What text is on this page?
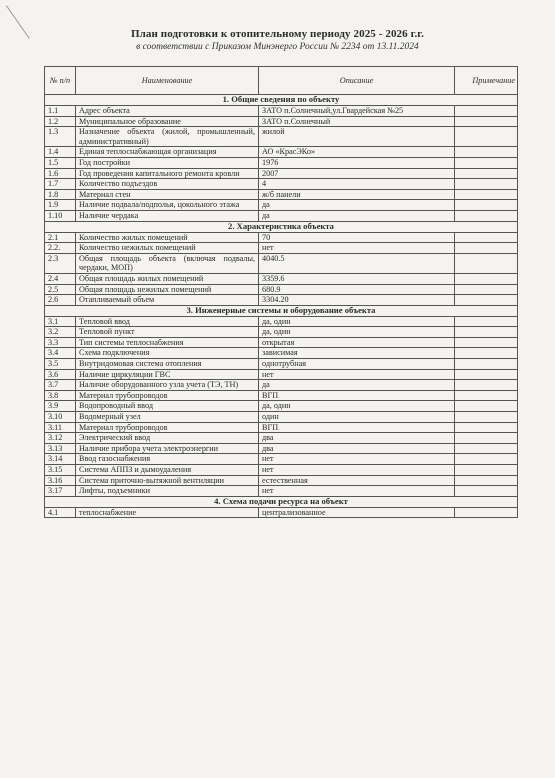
План подготовки к отопительному периоду 2025 - 2026 г.г.
в соответствии с Приказом Минэнерго России № 2234 от 13.11.2024
№ п/п	Наименование	Описание	Примечание
1. Общие сведения по объекту			
1.1	Адрес объекта	ЗАТО п.Солнечный,ул.Гвардейская №25	
1.2	Муниципальное образование	ЗАТО п.Солнечный	
1.3	Назначение объекта (жилой, промышленный, административный)	жилой	
1.4	Единая теплоснабжающая организация	АО «КрасЭКо»	
1.5	Год постройки	1976	
1.6	Год проведения капитального ремонта кровли	2007	
1.7	Количество подъездов	4	
1.8	Материал стен	ж/б панели	
1.9	Наличие подвала/подполья, цокольного этажа	да	
1.10	Наличие чердака	да	
2. Характеристика объекта			
2.1	Количество жилых помещений	70	
2.2.	Количество нежилых помещений	нет	
2.3	Общая площадь объекта (включая подвалы, чердаки, МОП)	4040.5	
2.4	Общая площадь жилых помещений	3359.6	
2.5	Общая площадь нежилых помещений	680.9	
2.6	Отапливаемый объем	3304.20	
3. Инженерные системы и оборудование объекта			
3.1	Тепловой ввод	да, один	
3.2	Тепловой пункт	да, один	
3.3	Тип системы теплоснабжения	открытая	
3.4	Схема подключения	зависимая	
3.5	Внутридомовая система отопления	однотрубная	
3.6	Наличие циркуляции ГВС	нет	
3.7	Наличие оборудованного узла учета (ТЭ, ТН)	да	
3.8	Материал трубопроводов	ВГП	
3.9	Водопроводный ввод	да, один	
3.10	Водомерный узел	один	
3.11	Материал трубопроводов	ВГП	
3.12	Электрический ввод	два	
3.13	Наличие прибора учета электроэнергии	два	
3.14	Ввод газоснабжения	нет	
3.15	Система АППЗ и дымоудаления	нет	
3.16	Система приточно-вытяжной вентиляции	естественная	
3.17	Лифты, подъемники	нет	
4. Схема подачи ресурса на объект			
4.1	теплоснабжение	централизованное	
